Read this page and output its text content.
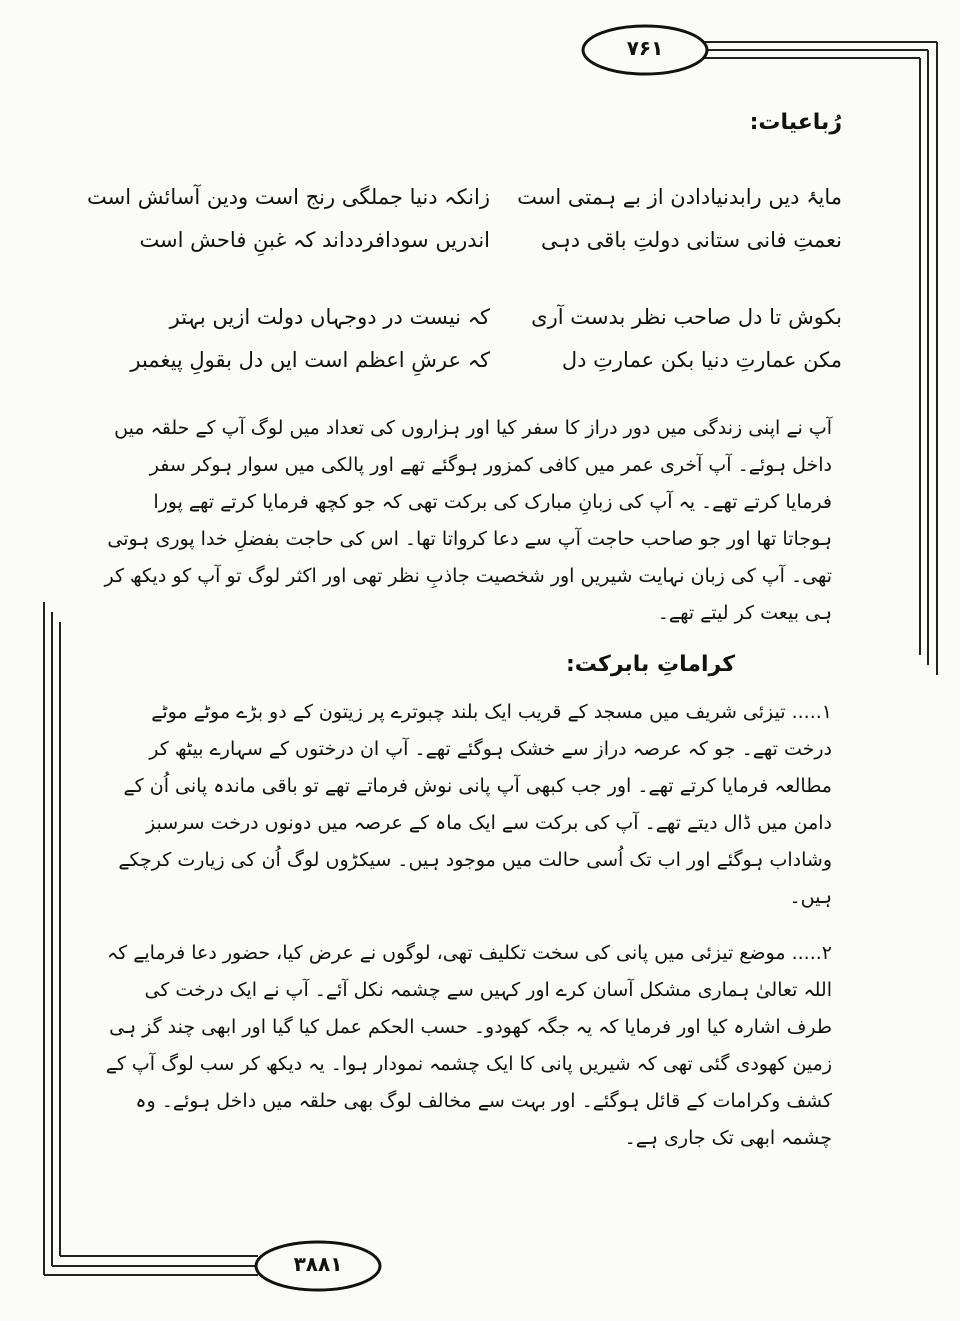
۷۶۱
۳۸۸۱
رُباعیات:
مایۂ دیں رابدنیادادن از بے ہمتی است
زانکہ دنیا جملگی رنج است ودین آسائش است
نعمتِ فانی ستانی دولتِ باقی دہی
اندریں سودافردداند کہ غبنِ فاحش است
بکوش تا دل صاحب نظر بدست آری
کہ نیست در دوجہاں دولت ازیں بہتر
مکن عمارتِ دنیا بکن عمارتِ دل
کہ عرشِ اعظم است ایں دل بقولِ پیغمبر

آپ نے اپنی زندگی میں دور دراز کا سفر کیا اور ہزاروں کی تعداد میں لوگ آپ کے حلقہ میں داخل ہوئے۔ آپ آخری عمر میں کافی کمزور ہوگئے تھے اور پالکی میں سوار ہوکر سفر فرمایا کرتے تھے۔ یہ آپ کی زبانِ مبارک کی برکت تھی کہ جو کچھ فرمایا کرتے تھے پورا ہوجاتا تھا اور جو صاحب حاجت آپ سے دعا کرواتا تھا۔ اس کی حاجت بفضلِ خدا پوری ہوتی تھی۔ آپ کی زبان نہایت شیریں اور شخصیت جاذبِ نظر تھی اور اکثر لوگ تو آپ کو دیکھ کر ہی بیعت کر لیتے تھے۔

کراماتِ بابرکت:

۱..... تیزئی شریف میں مسجد کے قریب ایک بلند چبوترے پر زیتون کے دو بڑے موٹے موٹے درخت تھے۔ جو کہ عرصہ دراز سے خشک ہوگئے تھے۔ آپ ان درختوں کے سہارے بیٹھ کر مطالعہ فرمایا کرتے تھے۔ اور جب کبھی آپ پانی نوش فرماتے تھے تو باقی ماندہ پانی اُن کے دامن میں ڈال دیتے تھے۔ آپ کی برکت سے ایک ماہ کے عرصہ میں دونوں درخت سرسبز وشاداب ہوگئے اور اب تک اُسی حالت میں موجود ہیں۔ سیکڑوں لوگ اُن کی زیارت کرچکے ہیں۔

۲..... موضع تیزئی میں پانی کی سخت تکلیف تھی، لوگوں نے عرض کیا، حضور دعا فرمایے کہ اللہ تعالیٰ ہماری مشکل آسان کرے اور کہیں سے چشمہ نکل آئے۔ آپ نے ایک درخت کی طرف اشارہ کیا اور فرمایا کہ یہ جگہ کھودو۔ حسب الحکم عمل کیا گیا اور ابھی چند گز ہی زمین کھودی گئی تھی کہ شیریں پانی کا ایک چشمہ نمودار ہوا۔ یہ دیکھ کر سب لوگ آپ کے کشف وکرامات کے قائل ہوگئے۔ اور بہت سے مخالف لوگ بھی حلقہ میں داخل ہوئے۔ وہ چشمہ ابھی تک جاری ہے۔
